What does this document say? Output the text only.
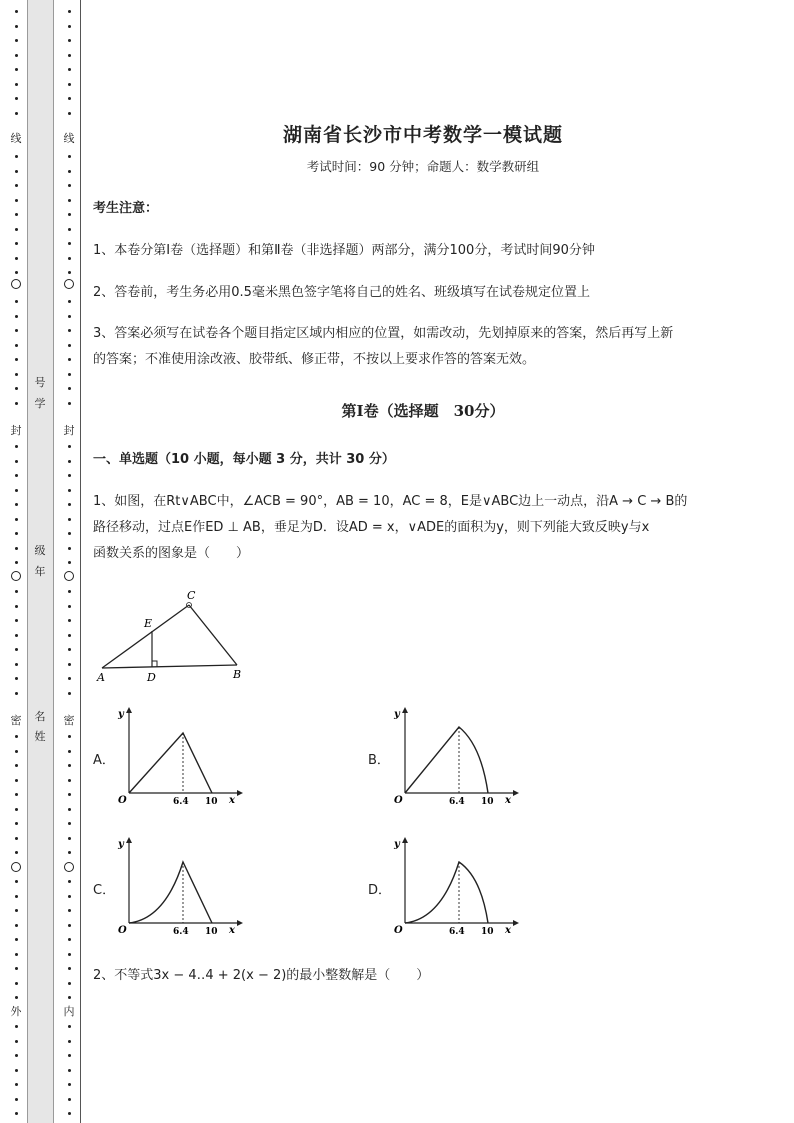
线
封
密
外
线
封
密
内
号
学
级
年
名
姓
湖南省长沙市中考数学一模试题
考试时间：90 分钟；命题人：数学教研组
考生注意：
1、本卷分第Ⅰ卷（选择题）和第Ⅱ卷（非选择题）两部分，满分100分，考试时间90分钟
2、答卷前，考生务必用0.5毫米黑色签字笔将自己的姓名、班级填写在试卷规定位置上
3、答案必须写在试卷各个题目指定区域内相应的位置，如需改动，先划掉原来的答案，然后再写上新
的答案；不准使用涂改液、胶带纸、修正带，不按以上要求作答的答案无效。
第Ⅰ卷（选择题　30分）
一、单选题（10 小题，每小题 3 分，共计 30 分）
1、如图，在Rt∨ABC中，∠ACB = 90°，AB = 10，AC = 8，E是∨ABC边上一动点，沿A → C → B的
路径移动，过点E作ED ⊥ AB，垂足为D．设AD = x，∨ADE的面积为y，则下列能大致反映y与x
函数关系的图象是（　　）
A	D	B
E
C
A．	B．
C．	D．
y
O	6.4 10 x
y
O	6.4 10 x
y
O	6.4 10 x
y
O	6.4 10 x
2、不等式3x − 4‥4 + 2(x − 2)的最小整数解是（　　）
